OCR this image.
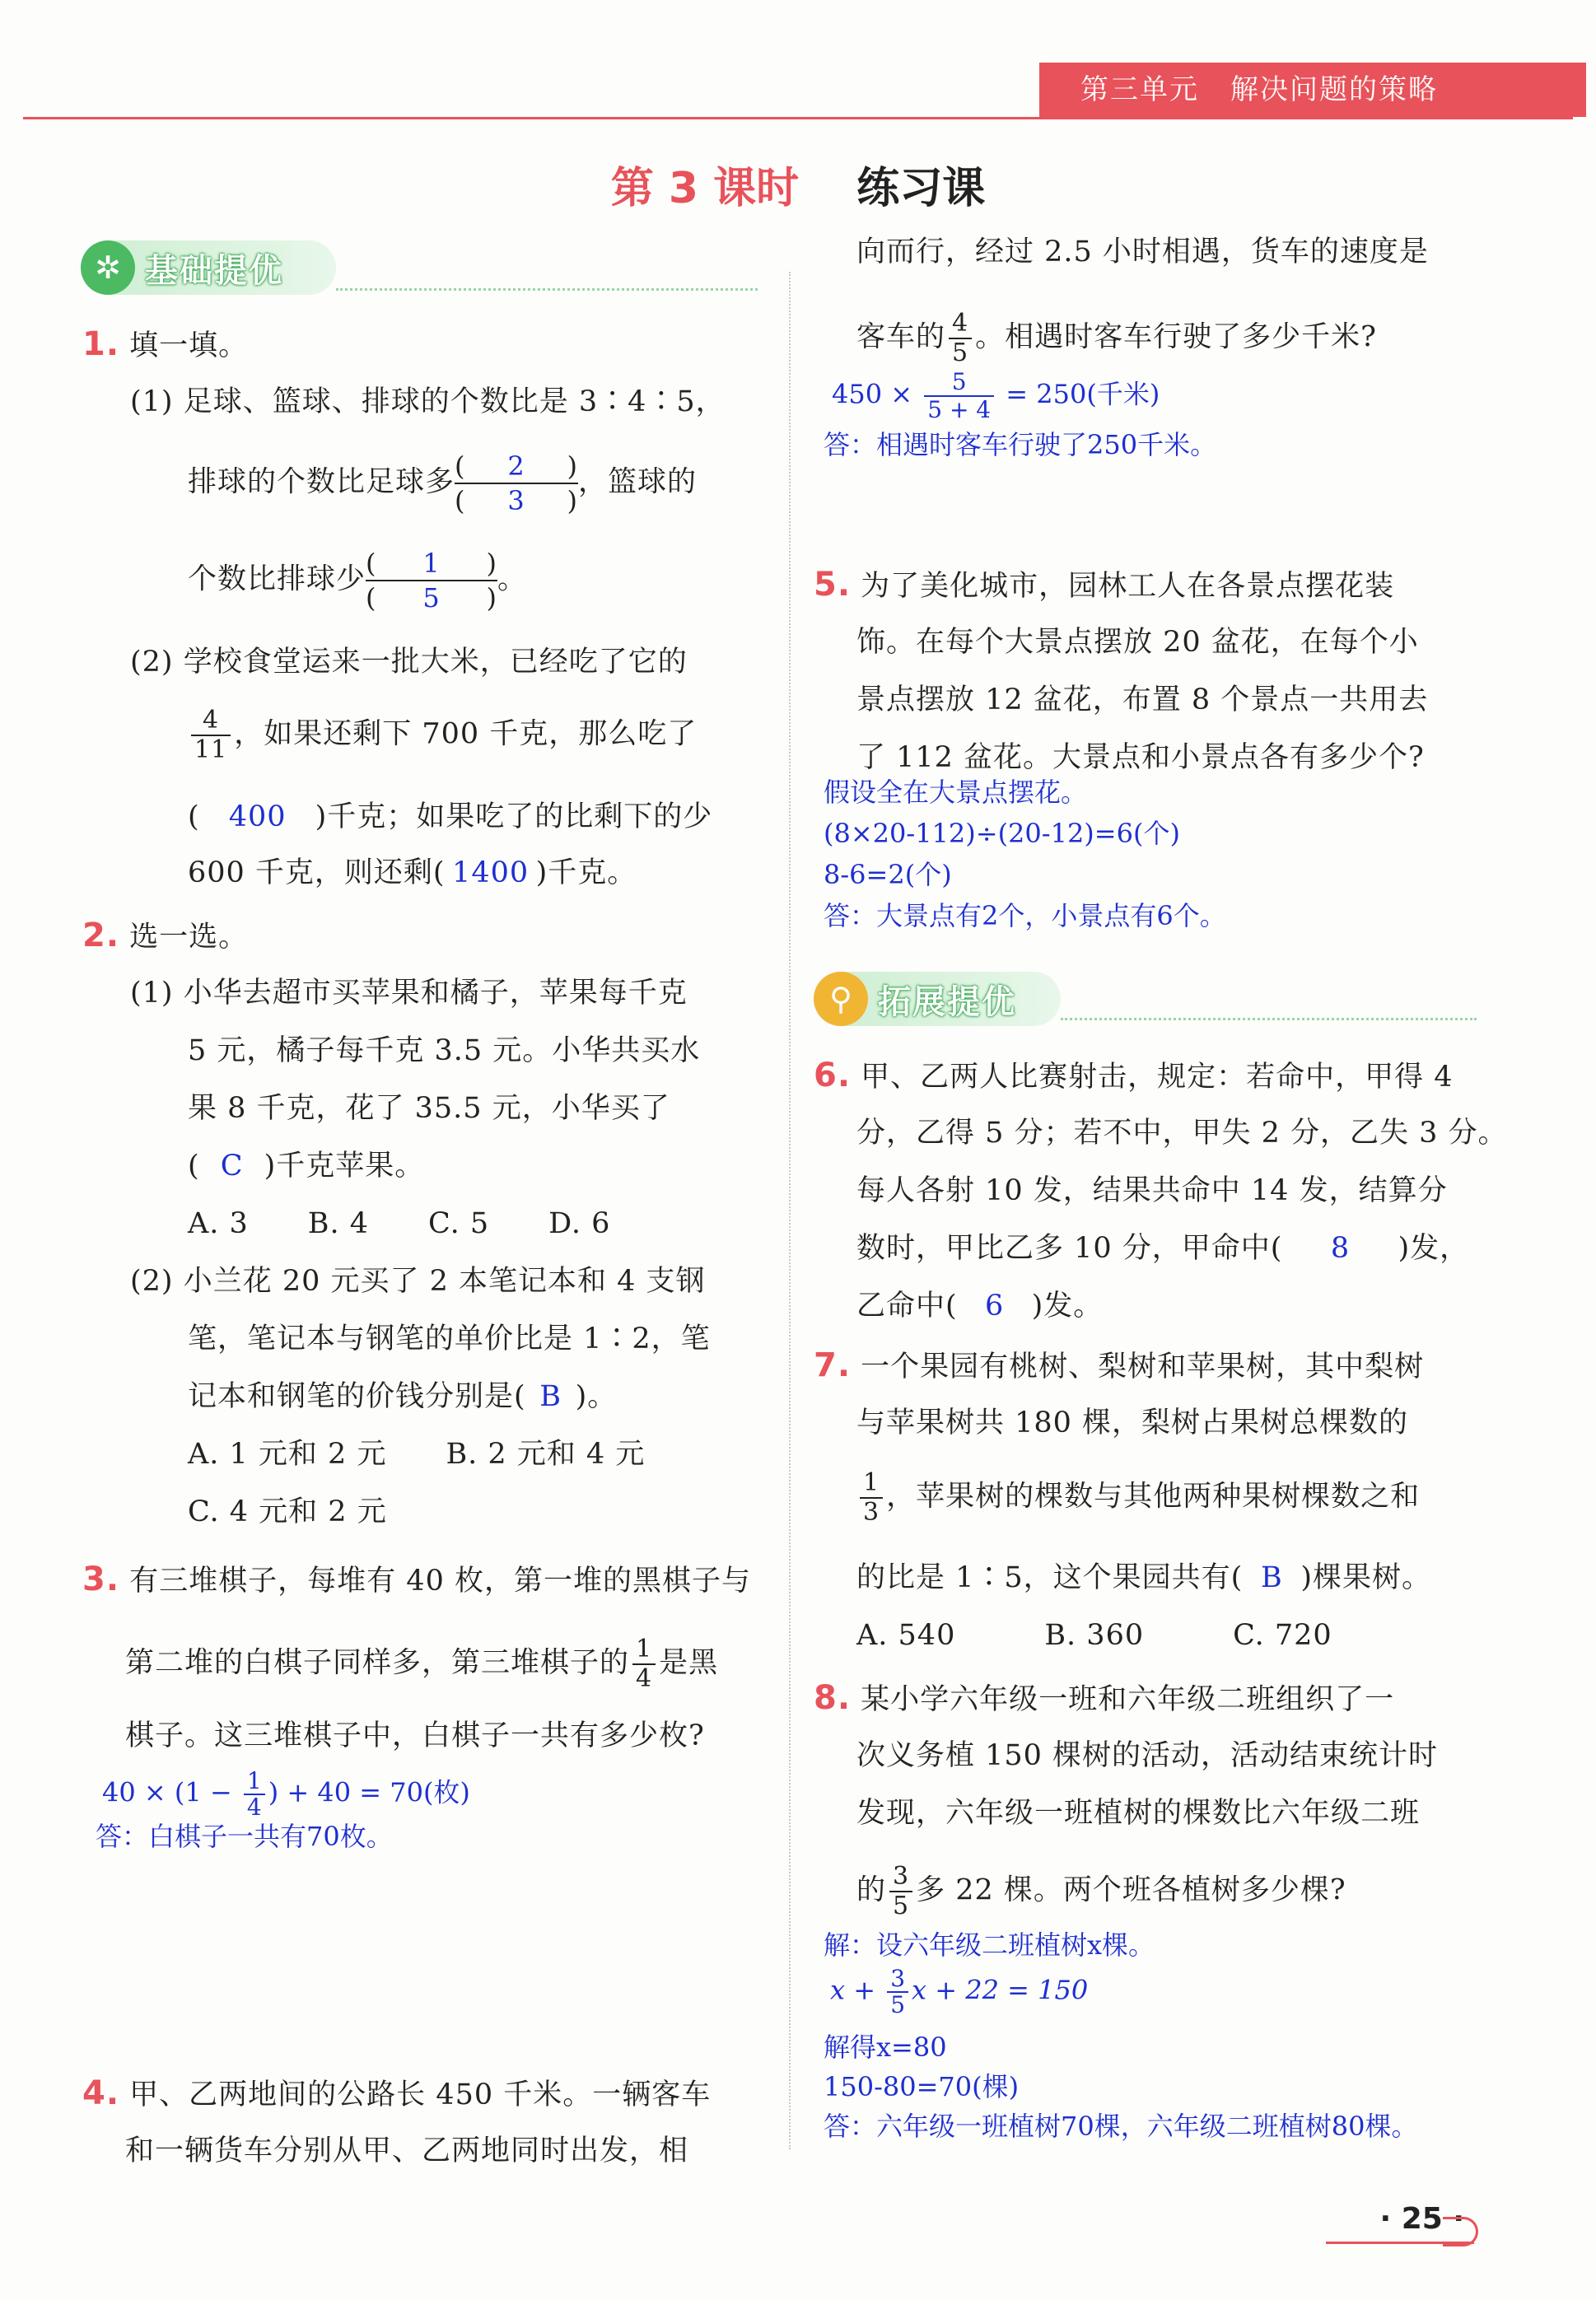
第三单元 解决问题的策略
第 3 课时 练习课
✲ 基础提优
1. 填一填。
(1) 足球、篮球、排球的个数比是 3∶4∶5，
排球的个数比足球多 $\frac{( 2 )}{( 3 )}$ ，篮球的
个数比排球少 $\frac{( 1 )}{( 5 )}$ 。
(2) 学校食堂运来一批大米，已经吃了它的
$\frac{4}{11}$ ，如果还剩下 700 千克，那么吃了
( 400 )千克；如果吃了的比剩下的少
600 千克，则还剩( 1400 )千克。
2. 选一选。
(1) 小华去超市买苹果和橘子，苹果每千克
5 元，橘子每千克 3.5 元。小华共买水
果 8 千克，花了 35.5 元，小华买了
( C )千克苹果。
A. 3　　B. 4　　C. 5　　D. 6
(2) 小兰花 20 元买了 2 本笔记本和 4 支钢
笔，笔记本与钢笔的单价比是 1∶2，笔
记本和钢笔的价钱分别是( B )。
A. 1 元和 2 元　　B. 2 元和 4 元
C. 4 元和 2 元
3. 有三堆棋子，每堆有 40 枚，第一堆的黑棋子与
第二堆的白棋子同样多，第三堆棋子的 $\frac{1}{4}$ 是黑
棋子。这三堆棋子中，白棋子一共有多少枚?
$40 \times (1 - \frac{1}{4}$ ) + 40 = 70(枚)
答：白棋子一共有70枚。
4. 甲、乙两地间的公路长 450 千米。一辆客车
和一辆货车分别从甲、乙两地同时出发，相
向而行，经过 2.5 小时相遇，货车的速度是
客车的 $\frac{4}{5}$ 。相遇时客车行驶了多少千米?
$450 \times \frac{5}{5 + 4} = 250$(千米)
答：相遇时客车行驶了250千米。
5. 为了美化城市，园林工人在各景点摆花装
饰。在每个大景点摆放 20 盆花，在每个小
景点摆放 12 盆花，布置 8 个景点一共用去
了 112 盆花。大景点和小景点各有多少个?
假设全在大景点摆花。
(8×20-112)÷(20-12)=6(个)
8-6=2(个)
答：大景点有2个，小景点有6个。
⚲ 拓展提优
6. 甲、乙两人比赛射击，规定：若命中，甲得 4
分，乙得 5 分；若不中，甲失 2 分，乙失 3 分。
每人各射 10 发，结果共命中 14 发，结算分
数时，甲比乙多 10 分，甲命中( 8 )发，
乙命中( 6 )发。
7. 一个果园有桃树、梨树和苹果树，其中梨树
与苹果树共 180 棵，梨树占果树总棵数的
$\frac{1}{3}$ ，苹果树的棵数与其他两种果树棵数之和
的比是 1∶5，这个果园共有( B )棵果树。
A. 540　　　B. 360　　　C. 720
8. 某小学六年级一班和六年级二班组织了一
次义务植 150 棵树的活动，活动结束统计时
发现，六年级一班植树的棵数比六年级二班
的 $\frac{3}{5}$ 多 22 棵。两个班各植树多少棵?
解：设六年级二班植树x棵。
$x + \frac{3}{5}$ x + 22 = 150
解得x=80
150-80=70(棵)
答：六年级一班植树70棵，六年级二班植树80棵。
· 25 ·
